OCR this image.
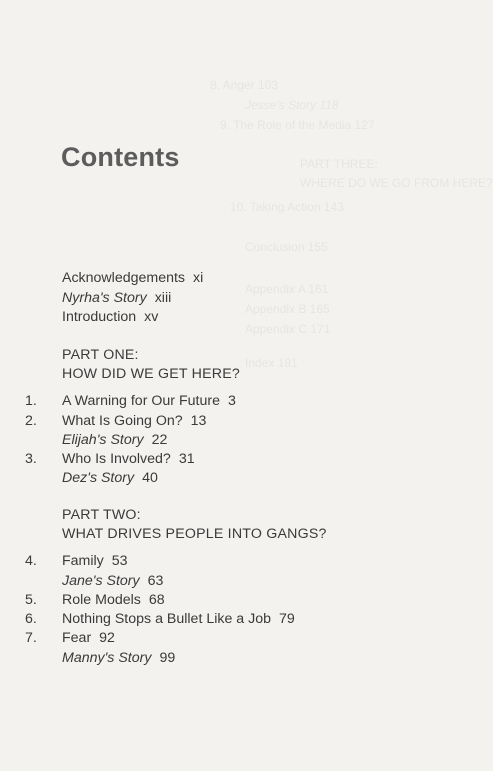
8. Anger 103
Jesse's Story 118
9. The Role of the Media 127
PART THREE:
WHERE DO WE GO FROM HERE?
10. Taking Action 143
Conclusion 155
Appendix A 161
Appendix B 165
Appendix C 171
Index 181
Contents
Acknowledgements xi
Nyrha's Story xiii
Introduction xv
PART ONE:
HOW DID WE GET HERE?
1. A Warning for Our Future 3
2. What Is Going On? 13
Elijah's Story 22
3. Who Is Involved? 31
Dez's Story 40
PART TWO:
WHAT DRIVES PEOPLE INTO GANGS?
4. Family 53
Jane's Story 63
5. Role Models 68
6. Nothing Stops a Bullet Like a Job 79
7. Fear 92
Manny's Story 99
